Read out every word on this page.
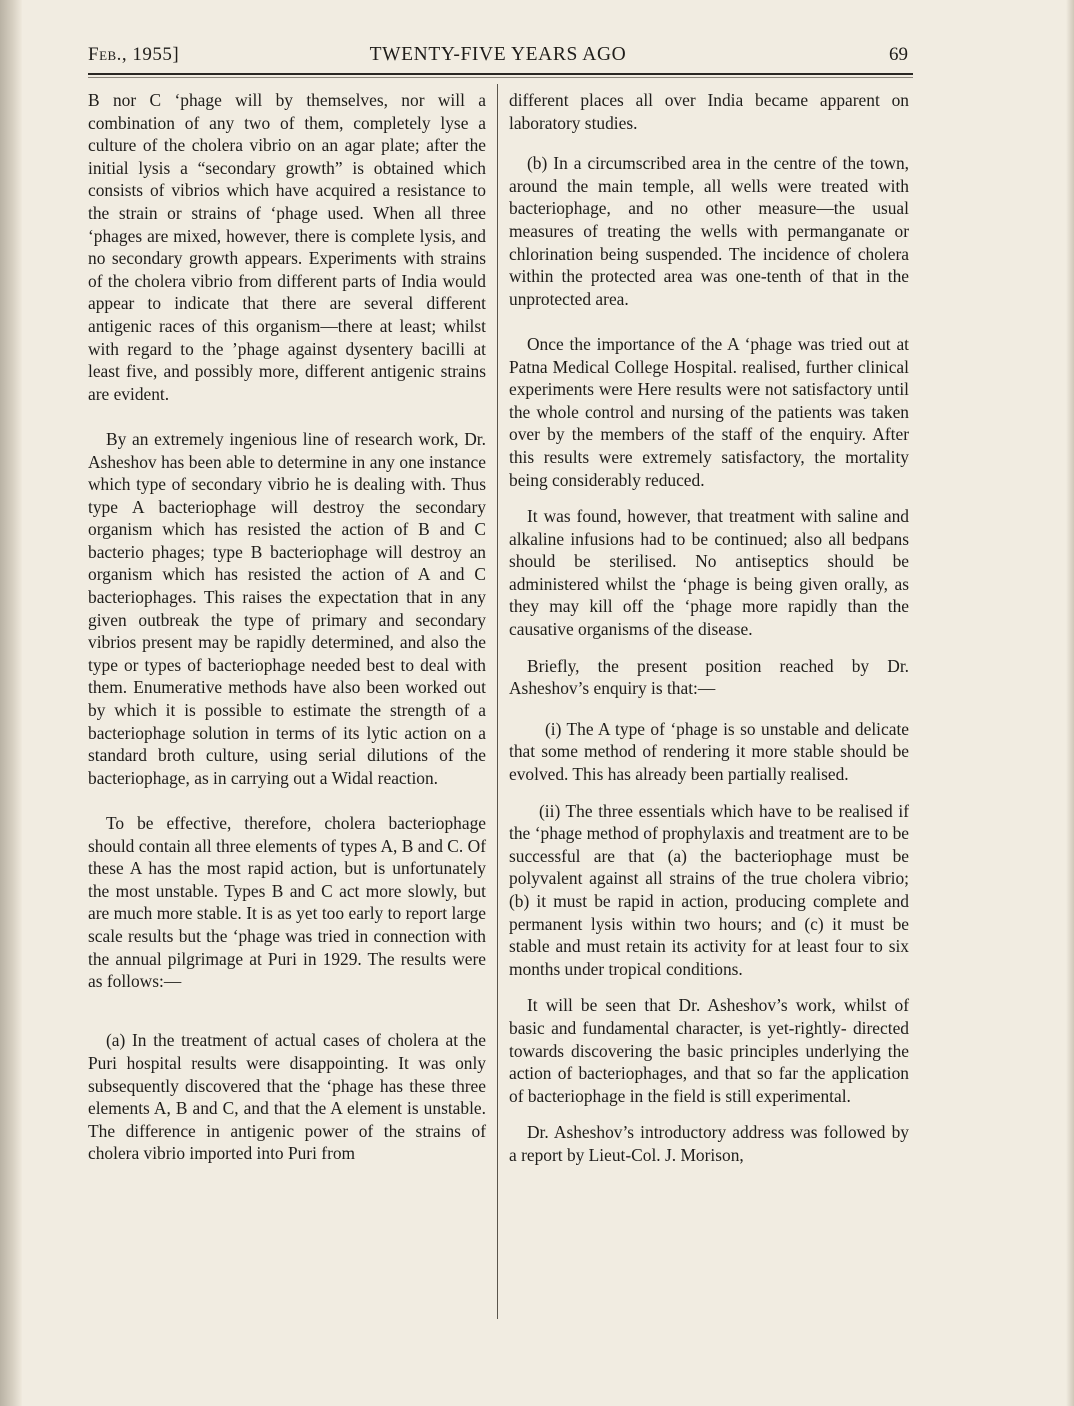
Feb., 1955]	TWENTY-FIVE YEARS AGO	69

B nor C ‘phage will by themselves, nor will a combination of any two of them, completely lyse a culture of the cholera vibrio on an agar plate; after the initial lysis a “secondary growth” is obtained which consists of vibrios which have acquired a resistance to the strain or strains of ‘phage used. When all three ‘phages are mixed, however, there is complete lysis, and no secondary growth appears. Experiments with strains of the cholera vibrio from different parts of India would appear to indicate that there are several different antigenic races of this organism—there at least; whilst with regard to the ’phage against dysentery bacilli at least five, and possibly more, different antigenic strains are evident.

By an extremely ingenious line of research work, Dr. Asheshov has been able to determine in any one instance which type of secondary vibrio he is dealing with. Thus type A bacteriophage will destroy the secondary organism which has resisted the action of B and C bacterio phages; type B bacteriophage will destroy an organism which has resisted the action of A and C bacteriophages. This raises the expectation that in any given outbreak the type of primary and secondary vibrios present may be rapidly determined, and also the type or types of bacteriophage needed best to deal with them. Enumerative methods have also been worked out by which it is possible to estimate the strength of a bacteriophage solution in terms of its lytic action on a standard broth culture, using serial dilutions of the bacteriophage, as in carrying out a Widal reaction.

To be effective, therefore, cholera bacteriophage should contain all three elements of types A, B and C. Of these A has the most rapid action, but is unfortunately the most unstable. Types B and C act more slowly, but are much more stable. It is as yet too early to report large scale results but the ‘phage was tried in connection with the annual pilgrimage at Puri in 1929. The results were as follows:—

(a) In the treatment of actual cases of cholera at the Puri hospital results were disappointing. It was only subsequently discovered that the ‘phage has these three elements A, B and C, and that the A element is unstable. The difference in antigenic power of the strains of cholera vibrio imported into Puri from

different places all over India became apparent on laboratory studies.

(b) In a circumscribed area in the centre of the town, around the main temple, all wells were treated with bacteriophage, and no other measure—the usual measures of treating the wells with permanganate or chlorination being suspended. The incidence of cholera within the protected area was one-tenth of that in the unprotected area.

Once the importance of the A ‘phage was tried out at Patna Medical College Hospital. realised, further clinical experiments were Here results were not satisfactory until the whole control and nursing of the patients was taken over by the members of the staff of the enquiry. After this results were extremely satisfactory, the mortality being considerably reduced.

It was found, however, that treatment with saline and alkaline infusions had to be continued; also all bedpans should be sterilised. No antiseptics should be administered whilst the ‘phage is being given orally, as they may kill off the ‘phage more rapidly than the causative organisms of the disease.

Briefly, the present position reached by Dr. Asheshov’s enquiry is that:—

(i) The A type of ‘phage is so unstable and delicate that some method of rendering it more stable should be evolved. This has already been partially realised.

(ii) The three essentials which have to be realised if the ‘phage method of prophylaxis and treatment are to be successful are that (a) the bacteriophage must be polyvalent against all strains of the true cholera vibrio; (b) it must be rapid in action, producing complete and permanent lysis within two hours; and (c) it must be stable and must retain its activity for at least four to six months under tropical conditions.

It will be seen that Dr. Asheshov’s work, whilst of basic and fundamental character, is yet-rightly- directed towards discovering the basic principles underlying the action of bacteriophages, and that so far the application of bacteriophage in the field is still experimental.

Dr. Asheshov’s introductory address was followed by a report by Lieut-Col. J. Morison,
